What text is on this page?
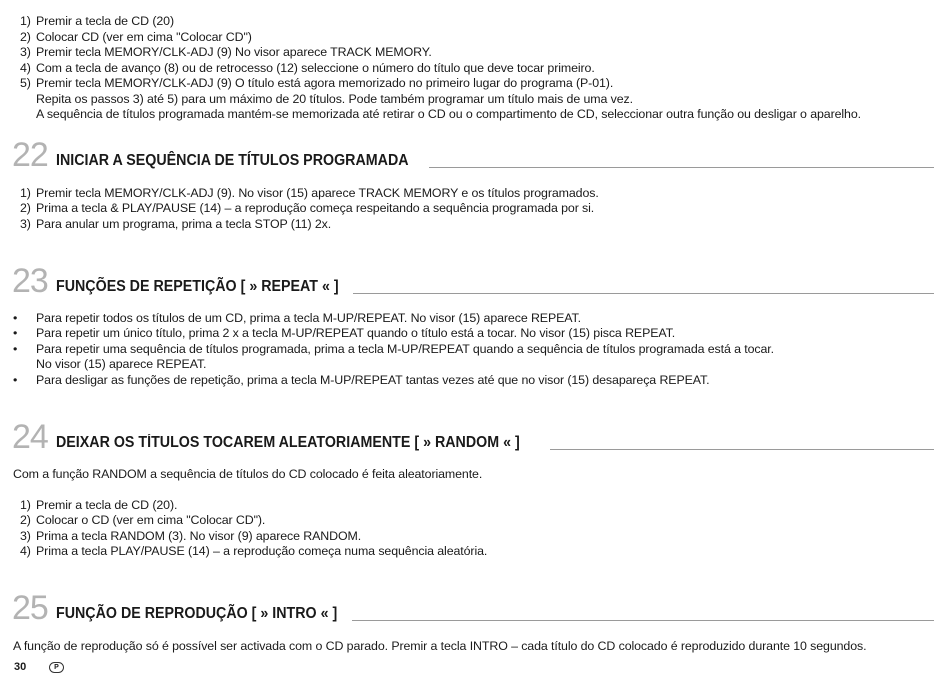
1) Premir a tecla de CD (20)
2) Colocar CD (ver em cima "Colocar CD")
3) Premir tecla MEMORY/CLK-ADJ (9) No visor aparece TRACK MEMORY.
4) Com a tecla de avanço (8) ou de retrocesso (12) seleccione o número do título que deve tocar primeiro.
5) Premir tecla MEMORY/CLK-ADJ (9) O título está agora memorizado no primeiro lugar do programa (P-01).
Repita os passos 3) até 5) para um máximo de 20 títulos. Pode também programar um título mais de uma vez.
A sequência de títulos programada mantém-se memorizada até retirar o CD ou o compartimento de CD, seleccionar outra função ou desligar o aparelho.
22 INICIAR A SEQUÊNCIA DE TÍTULOS PROGRAMADA
1) Premir tecla MEMORY/CLK-ADJ (9). No visor (15) aparece TRACK MEMORY e os títulos programados.
2) Prima a tecla & PLAY/PAUSE (14) – a reprodução começa respeitando a sequência programada por si.
3) Para anular um programa, prima a tecla STOP (11) 2x.
23 FUNÇÕES DE REPETIÇÃO [ » REPEAT « ]
• Para repetir todos os títulos de um CD, prima a tecla M-UP/REPEAT. No visor (15) aparece REPEAT.
• Para repetir um único título, prima 2 x a tecla M-UP/REPEAT quando o título está a tocar. No visor (15) pisca REPEAT.
• Para repetir uma sequência de títulos programada, prima a tecla M-UP/REPEAT quando a sequência de títulos programada está a tocar.
No visor (15) aparece REPEAT.
• Para desligar as funções de repetição, prima a tecla M-UP/REPEAT tantas vezes até que no visor (15) desapareça REPEAT.
24 DEIXAR OS TÍTULOS TOCAREM ALEATORIAMENTE [ » RANDOM « ]
Com a função RANDOM a sequência de títulos do CD colocado é feita aleatoriamente.
1) Premir a tecla de CD (20).
2) Colocar o CD (ver em cima "Colocar CD").
3) Prima a tecla RANDOM (3). No visor (9) aparece RANDOM.
4) Prima a tecla PLAY/PAUSE (14) – a reprodução começa numa sequência aleatória.
25 FUNÇÃO DE REPRODUÇÃO [ » INTRO « ]
A função de reprodução só é possível ser activada com o CD parado. Premir a tecla INTRO – cada título do CD colocado é reproduzido durante 10 segundos.
30	P
